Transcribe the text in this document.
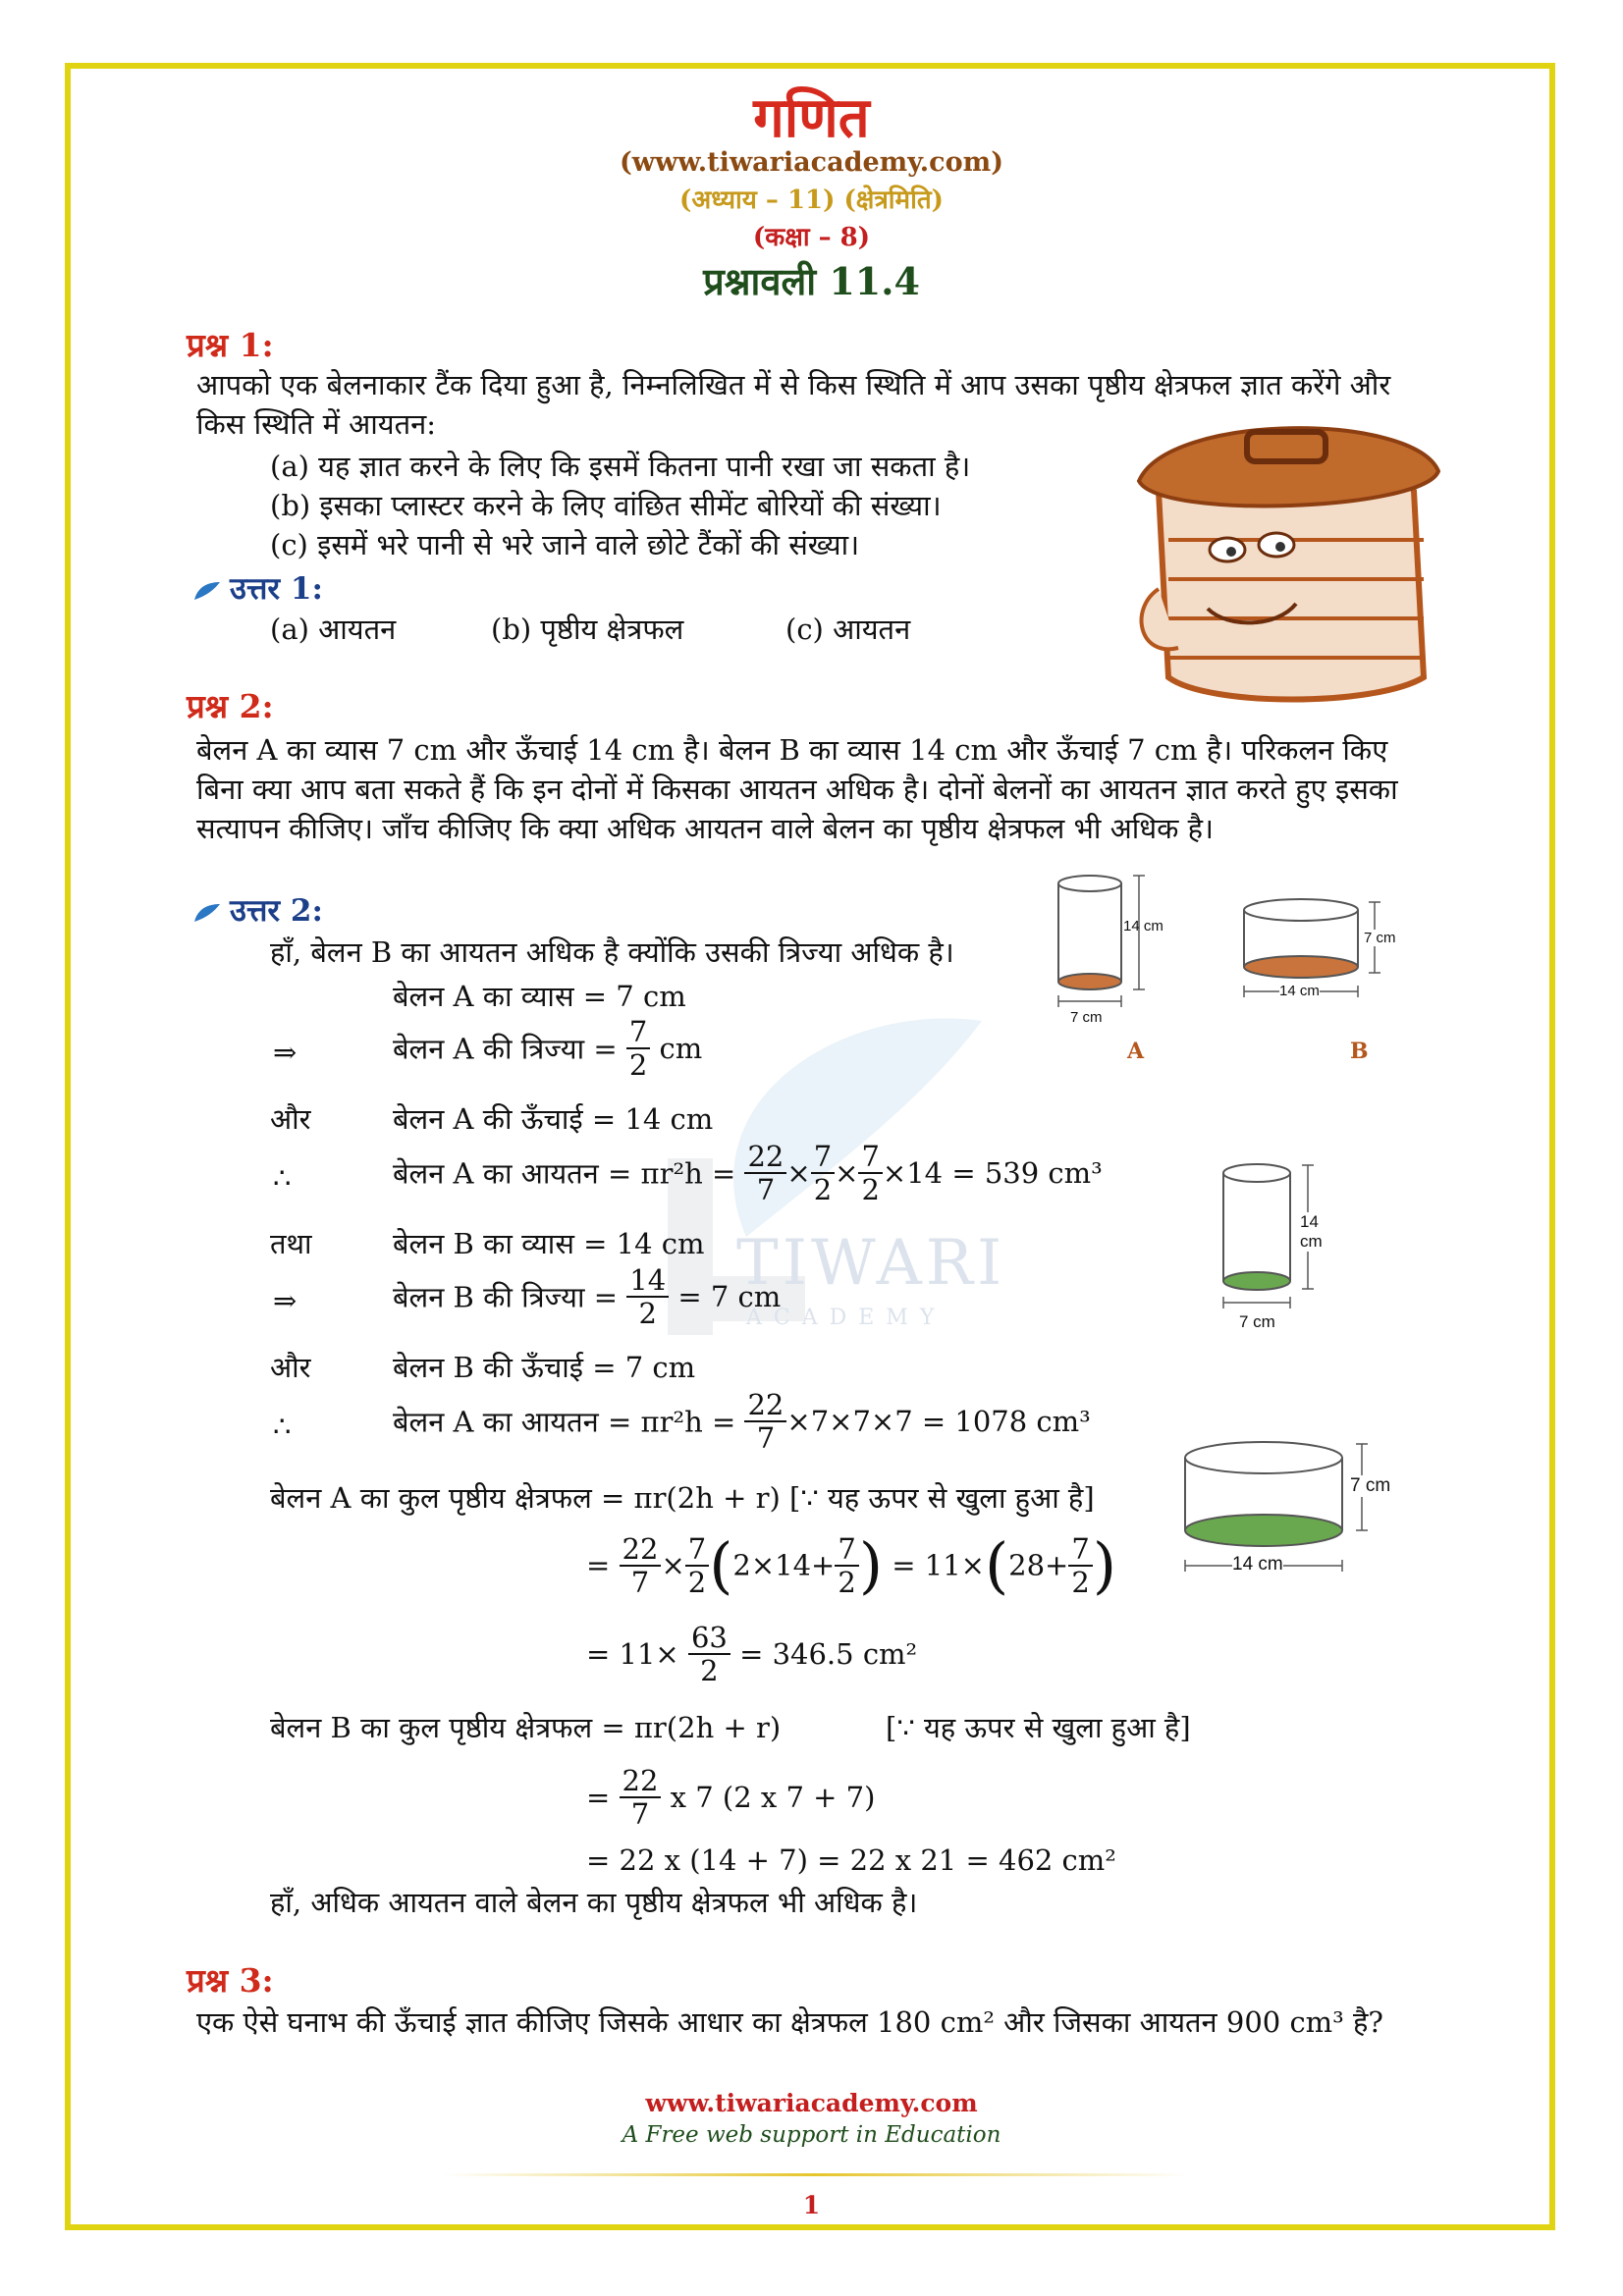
TIWARI
ACADEMY
गणित
(www.tiwariacademy.com)
(अध्याय – 11) (क्षेत्रमिति)
(कक्षा – 8)
प्रश्नावली 11.4
प्रश्न 1:
आपको एक बेलनाकार टैंक दिया हुआ है, निम्नलिखित में से किस स्थिति में आप उसका पृष्ठीय क्षेत्रफल ज्ञात करेंगे और किस स्थिति में आयतन:
(a) यह ज्ञात करने के लिए कि इसमें कितना पानी रखा जा सकता है।
(b) इसका प्लास्टर करने के लिए वांछित सीमेंट बोरियों की संख्या।
(c) इसमें भरे पानी से भरे जाने वाले छोटे टैंकों की संख्या।
उत्तर 1:
(a) आयतन	(b) पृष्ठीय क्षेत्रफल	(c) आयतन
प्रश्न 2:
बेलन A का व्यास 7 cm और ऊँचाई 14 cm है। बेलन B का व्यास 14 cm और ऊँचाई 7 cm है। परिकलन किए बिना क्या आप बता सकते हैं कि इन दोनों में किसका आयतन अधिक है। दोनों बेलनों का आयतन ज्ञात करते हुए इसका सत्यापन कीजिए। जाँच कीजिए कि क्या अधिक आयतन वाले बेलन का पृष्ठीय क्षेत्रफल भी अधिक है।
उत्तर 2:
हाँ, बेलन B का आयतन अधिक है क्योंकि उसकी त्रिज्या अधिक है।
बेलन A का व्यास = 7 cm
⇒	बेलन A की त्रिज्या = $\frac{7}{2}$ cm
और	बेलन A की ऊँचाई = 14 cm
∴	बेलन A का आयतन = $\pi r^2h = \frac{22}{7} \times \frac{7}{2} \times \frac{7}{2} \times 14 = 539$ cm³
तथा	बेलन B का व्यास = 14 cm
⇒	बेलन B की त्रिज्या = $\frac{14}{2} = 7$ cm
और	बेलन B की ऊँचाई = 7 cm
∴	बेलन A का आयतन = $\pi r^2h = \frac{22}{7} \times 7\times 7\times 7 = 1078$ cm³
बेलन A का कुल पृष्ठीय क्षेत्रफल = πr(2h + r) [∵ यह ऊपर से खुला हुआ है]
= $\frac{22}{7} \times \frac{7}{2} (2\times 14+ \frac{7}{2}$ ) = $11\times(28+ \frac{7}{2}$ )
= $11\times \frac{63}{2} = 346.5$ cm²
बेलन B का कुल पृष्ठीय क्षेत्रफल = πr(2h + r)	[∵ यह ऊपर से खुला हुआ है]
= $\frac{22}{7}$ x 7 (2 x 7 + 7)
= 22 x (14 + 7) = 22 x 21 = 462 cm²
हाँ, अधिक आयतन वाले बेलन का पृष्ठीय क्षेत्रफल भी अधिक है।
14 cm
7 cm
A
7 cm
14 cm
B
14 cm
7 cm
7 cm
14 cm
प्रश्न 3:
एक ऐसे घनाभ की ऊँचाई ज्ञात कीजिए जिसके आधार का क्षेत्रफल 180 cm² और जिसका आयतन 900 cm³ है?
www.tiwariacademy.com
A Free web support in Education
1
